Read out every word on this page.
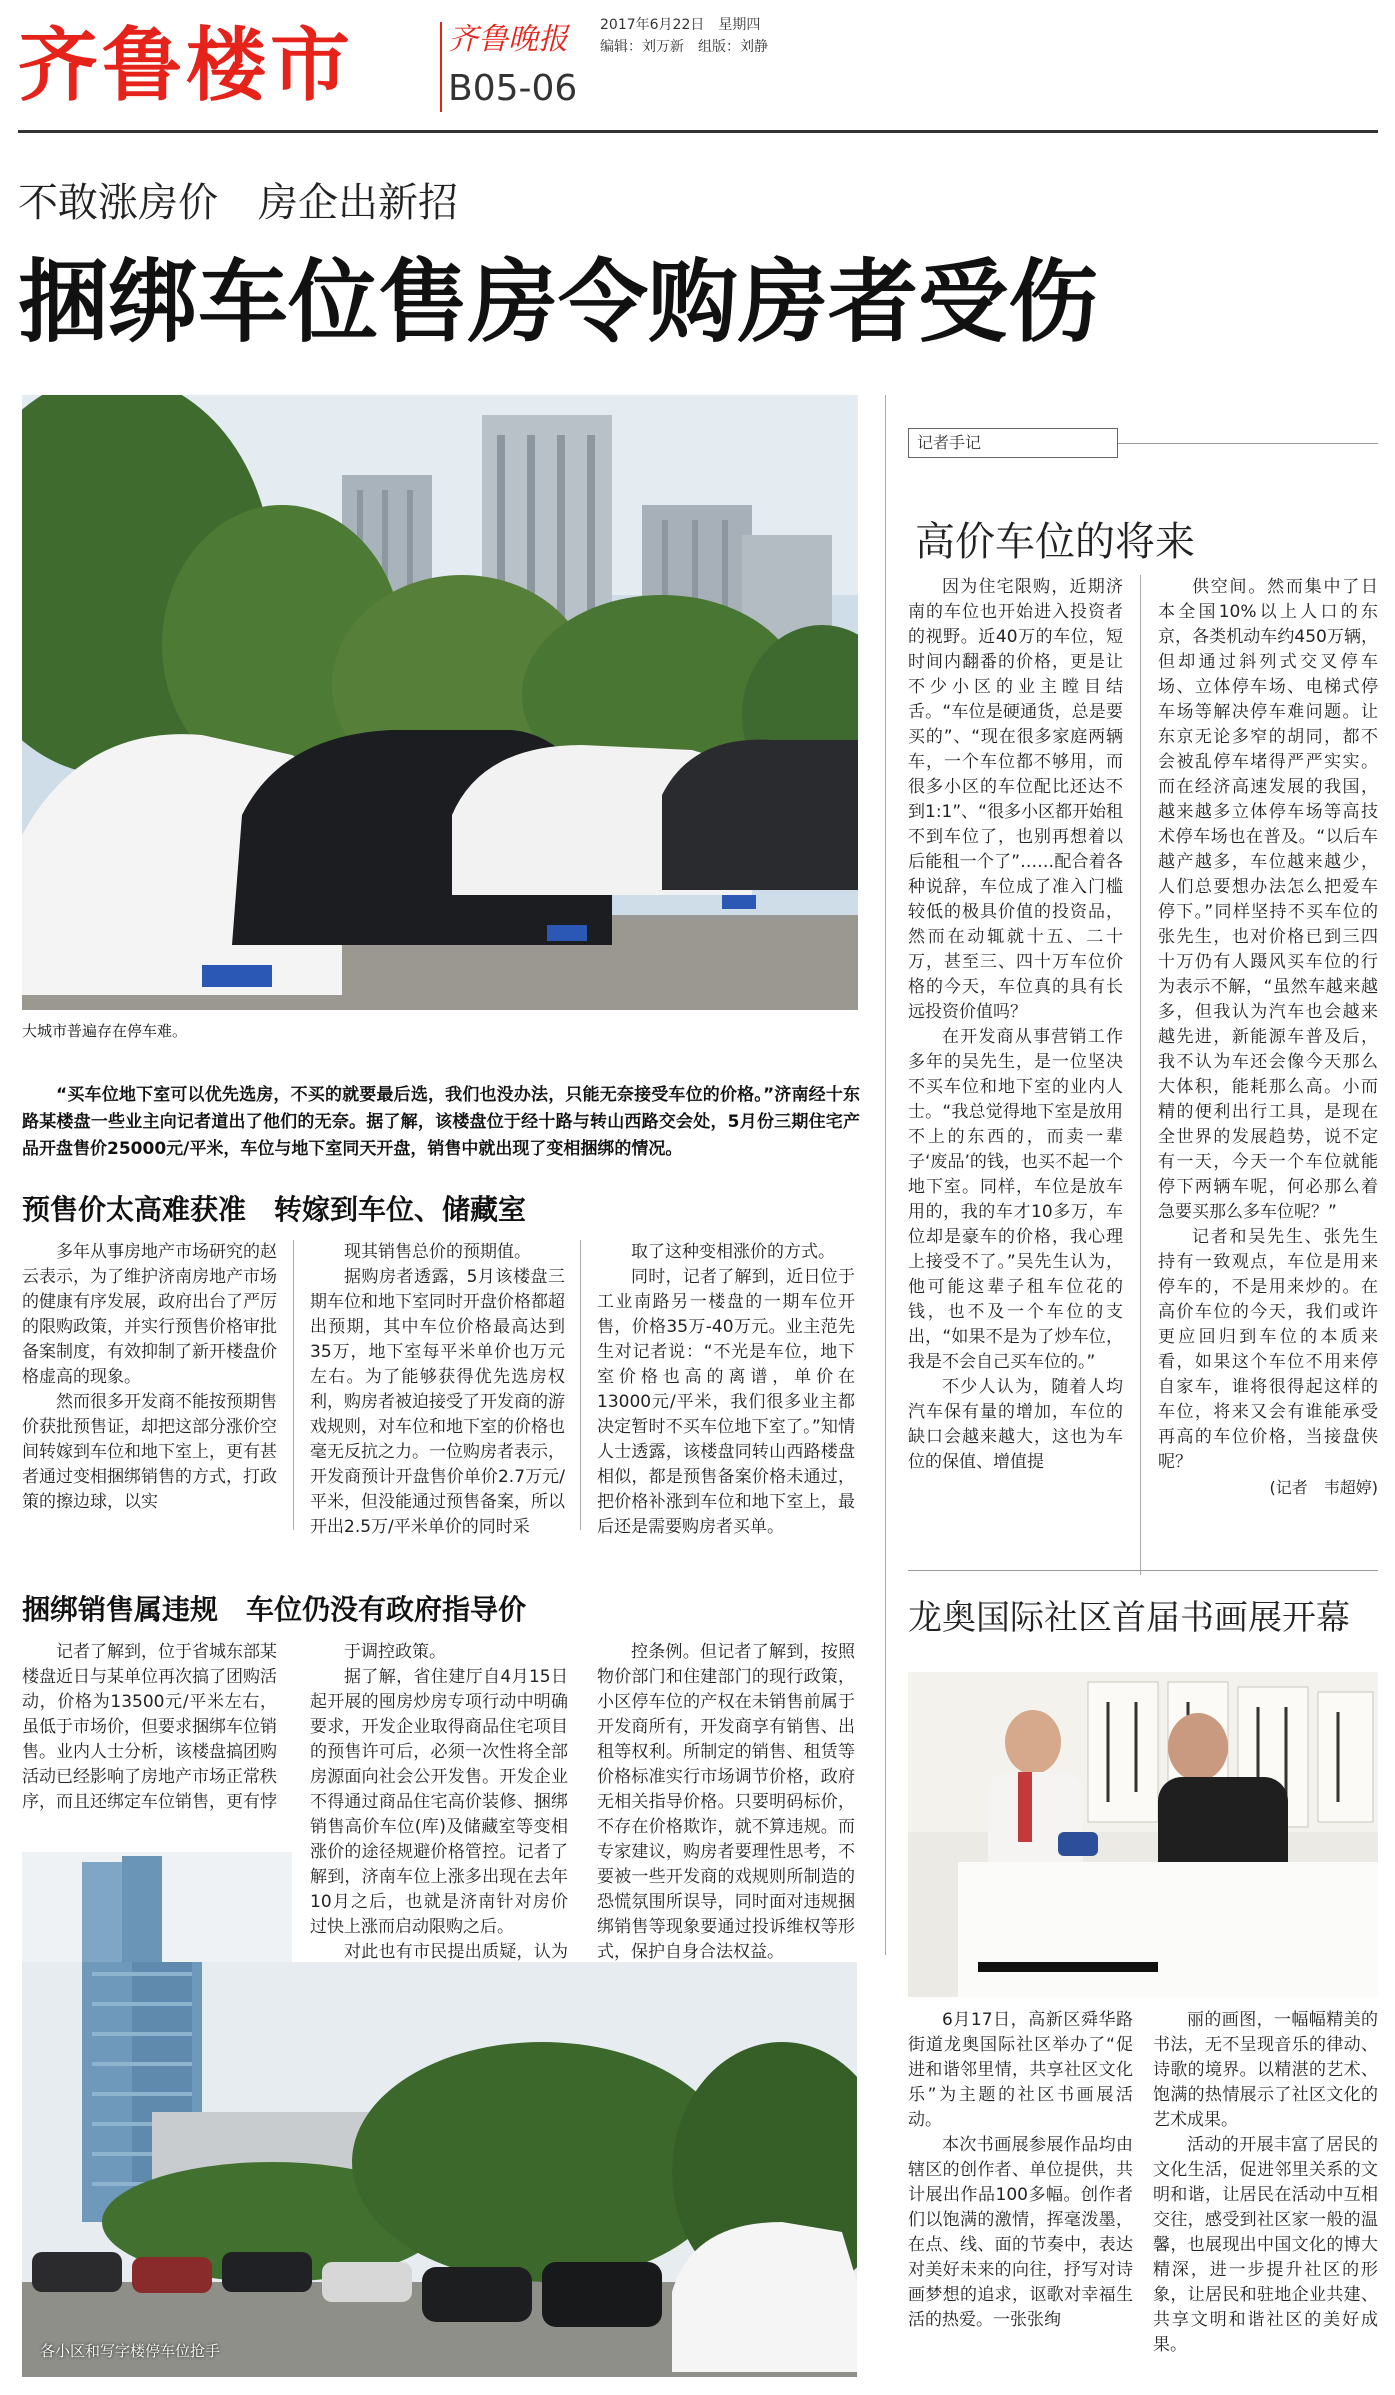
齐鲁楼市	齐鲁晚报	2017年6月22日　星期四
编辑：刘万新　组版：刘静
B05-06
不敢涨房价　房企出新招
捆绑车位售房令购房者受伤
大城市普遍存在停车难。
“买车位地下室可以优先选房，不买的就要最后选，我们也没办法，只能无奈接受车位的价格。”济南经十东路某楼盘一些业主向记者道出了他们的无奈。据了解，该楼盘位于经十路与转山西路交会处，5月份三期住宅产品开盘售价25000元/平米，车位与地下室同天开盘，销售中就出现了变相捆绑的情况。
预售价太高难获准　转嫁到车位、储藏室

多年从事房地产市场研究的赵云表示，为了维护济南房地产市场的健康有序发展，政府出台了严厉的限购政策，并实行预售价格审批备案制度，有效抑制了新开楼盘价格虚高的现象。

然而很多开发商不能按预期售价获批预售证，却把这部分涨价空间转嫁到车位和地下室上，更有甚者通过变相捆绑销售的方式，打政策的擦边球，以实

现其销售总价的预期值。

据购房者透露，5月该楼盘三期车位和地下室同时开盘价格都超出预期，其中车位价格最高达到35万，地下室每平米单价也万元左右。为了能够获得优先选房权利，购房者被迫接受了开发商的游戏规则，对车位和地下室的价格也毫无反抗之力。一位购房者表示，开发商预计开盘售价单价2.7万元/平米，但没能通过预售备案，所以开出2.5万/平米单价的同时采

取了这种变相涨价的方式。

同时，记者了解到，近日位于工业南路另一楼盘的一期车位开售，价格35万-40万元。业主范先生对记者说：“不光是车位，地下室价格也高的离谱，单价在13000元/平米，我们很多业主都决定暂时不买车位地下室了。”知情人士透露，该楼盘同转山西路楼盘相似，都是预售备案价格未通过，把价格补涨到车位和地下室上，最后还是需要购房者买单。

捆绑销售属违规　车位仍没有政府指导价

记者了解到，位于省城东部某楼盘近日与某单位再次搞了团购活动，价格为13500元/平米左右，虽低于市场价，但要求捆绑车位销售。业内人士分析，该楼盘搞团购活动已经影响了房地产市场正常秩序，而且还绑定车位销售，更有悖

于调控政策。

据了解，省住建厅自4月15日起开展的囤房炒房专项行动中明确要求，开发企业取得商品住宅项目的预售许可后，必须一次性将全部房源面向社会公开发售。开发企业不得通过商品住宅高价装修、捆绑销售高价车位(库)及储藏室等变相涨价的途径规避价格管控。记者了解到，济南车位上涨多出现在去年10月之后，也就是济南针对房价过快上涨而启动限购之后。

对此也有市民提出质疑，认为

控条例。但记者了解到，按照物价部门和住建部门的现行政策，小区停车位的产权在未销售前属于开发商所有，开发商享有销售、出租等权利。所制定的销售、租赁等价格标准实行市场调节价格，政府无相关指导价格。只要明码标价，不存在价格欺诈，就不算违规。而专家建议，购房者要理性思考，不要被一些开发商的戏规则所制造的恐慌氛围所误导，同时面对违规捆绑销售等现象要通过投诉维权等形式，保护自身合法权益。

各小区和写字楼停车位抢手
记者手记
高价车位的将来

因为住宅限购，近期济南的车位也开始进入投资者的视野。近40万的车位，短时间内翻番的价格，更是让不少小区的业主瞠目结舌。“车位是硬通货，总是要买的”、“现在很多家庭两辆车，一个车位都不够用，而很多小区的车位配比还达不到1:1”、“很多小区都开始租不到车位了，也别再想着以后能租一个了”……配合着各种说辞，车位成了准入门槛较低的极具价值的投资品，然而在动辄就十五、二十万，甚至三、四十万车位价格的今天，车位真的具有长远投资价值吗？

在开发商从事营销工作多年的吴先生，是一位坚决不买车位和地下室的业内人士。“我总觉得地下室是放用不上的东西的，而卖一辈子‘废品’的钱，也买不起一个地下室。同样，车位是放车用的，我的车才10多万，车位却是豪车的价格，我心理上接受不了。”吴先生认为，他可能这辈子租车位花的钱，也不及一个车位的支出，“如果不是为了炒车位，我是不会自己买车位的。”

不少人认为，随着人均汽车保有量的增加，车位的缺口会越来越大，这也为车位的保值、增值提

供空间。然而集中了日本全国10%以上人口的东京，各类机动车约450万辆，但却通过斜列式交叉停车场、立体停车场、电梯式停车场等解决停车难问题。让东京无论多窄的胡同，都不会被乱停车堵得严严实实。而在经济高速发展的我国，越来越多立体停车场等高技术停车场也在普及。“以后车越产越多，车位越来越少，人们总要想办法怎么把爱车停下。”同样坚持不买车位的张先生，也对价格已到三四十万仍有人蹑风买车位的行为表示不解，“虽然车越来越多，但我认为汽车也会越来越先进，新能源车普及后，我不认为车还会像今天那么大体积，能耗那么高。小而精的便利出行工具，是现在全世界的发展趋势，说不定有一天，今天一个车位就能停下两辆车呢，何必那么着急要买那么多车位呢？”

记者和吴先生、张先生持有一致观点，车位是用来停车的，不是用来炒的。在高价车位的今天，我们或许更应回归到车位的本质来看，如果这个车位不用来停自家车，谁将很得起这样的车位，将来又会有谁能承受再高的车位价格，当接盘侠呢？

(记者　韦超婷)
龙奥国际社区首届书画展开幕

6月17日，高新区舜华路街道龙奥国际社区举办了“促进和谐邻里情，共享社区文化乐”为主题的社区书画展活动。

本次书画展参展作品均由辖区的创作者、单位提供，共计展出作品100多幅。创作者们以饱满的激情，挥毫泼墨，在点、线、面的节奏中，表达对美好未来的向往，抒写对诗画梦想的追求，讴歌对幸福生活的热爱。一张张绚

丽的画图，一幅幅精美的书法，无不呈现音乐的律动、诗歌的境界。以精湛的艺术、饱满的热情展示了社区文化的艺术成果。

活动的开展丰富了居民的文化生活，促进邻里关系的文明和谐，让居民在活动中互相交往，感受到社区家一般的温馨，也展现出中国文化的博大精深，进一步提升社区的形象，让居民和驻地企业共建、共享文明和谐社区的美好成果。
